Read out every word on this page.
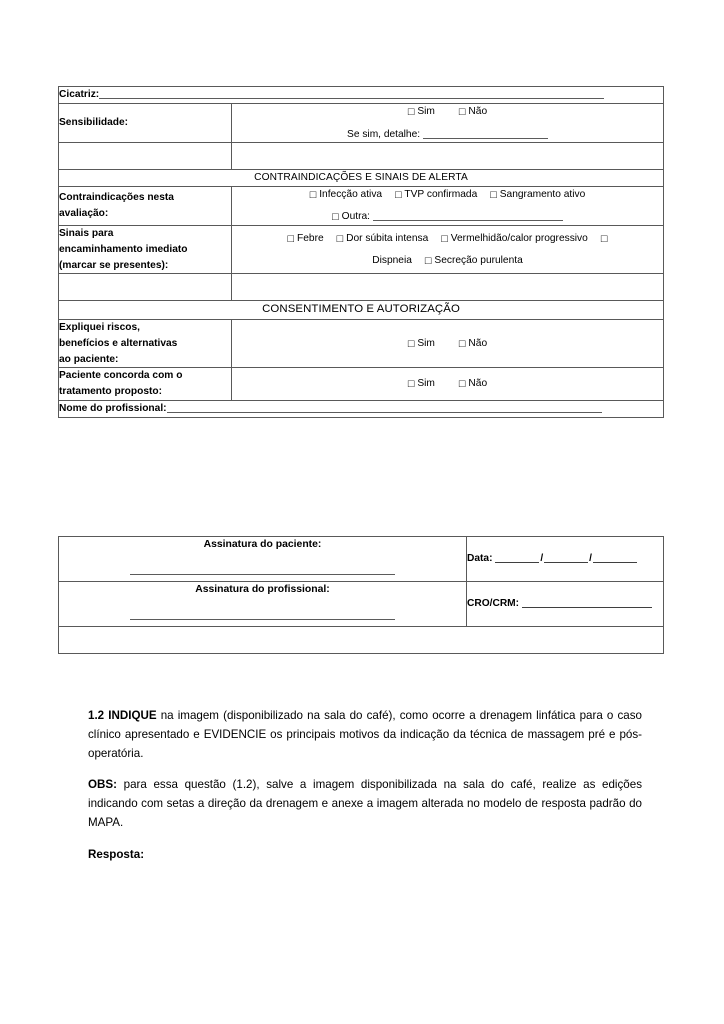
Cicatriz:	
Sensibilidade:	□ Sim □ Não
Se sim, detalhe:

CONTRAINDICAÇÕES E SINAIS DE ALERTA	

Contraindicações nesta
avaliação:	□ Infecção ativa □ TVP confirmada □ Sangramento ativo
□ Outra:

Sinais para
encaminhamento imediato
(marcar se presentes):	□ Febre □ Dor súbita intensa □ Vermelhidão/calor progressivo □
Dispneia □ Secreção purulenta

CONSENTIMENTO E AUTORIZAÇÃO	

Expliquei riscos,
benefícios e alternativas
ao paciente:	□ Sim □ Não

Paciente concorda com o
tratamento proposto:	□ Sim □ Não
Nome do profissional:	
Assinatura do paciente:	Data: / /

Assinatura do profissional:	CRO/CRM:

1.2 INDIQUE na imagem (disponibilizado na sala do café), como ocorre a drenagem linfática para o caso clínico apresentado e EVIDENCIE os principais motivos da indicação da técnica de massagem pré e pós-operatória.

OBS: para essa questão (1.2), salve a imagem disponibilizada na sala do café, realize as edições indicando com setas a direção da drenagem e anexe a imagem alterada no modelo de resposta padrão do MAPA.

Resposta:
